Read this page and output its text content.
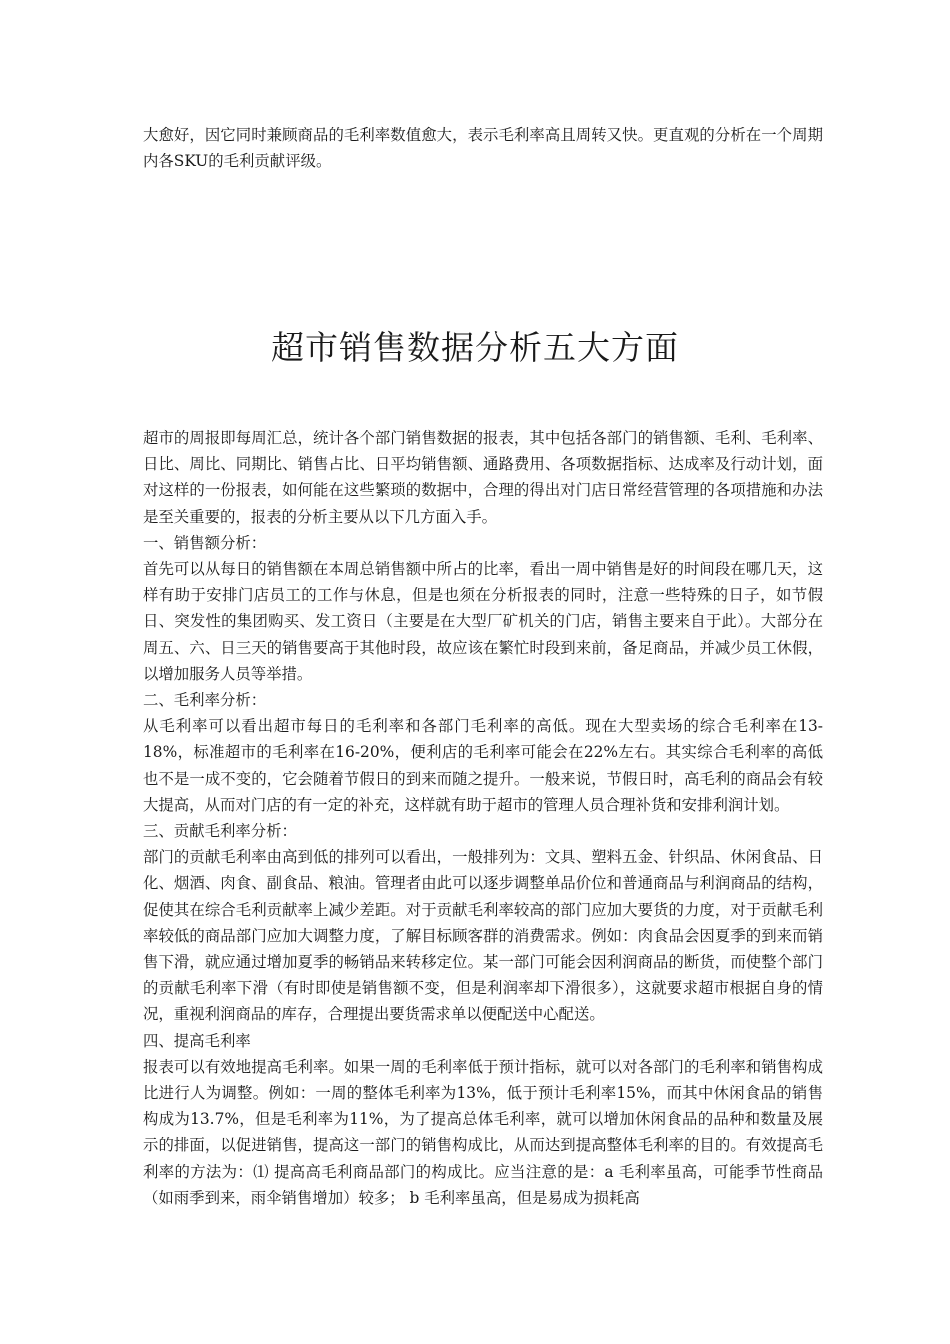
大愈好，因它同时兼顾商品的毛利率数值愈大，表示毛利率高且周转又快。更直观的分析在一个周期内各SKU的毛利贡献评级。

超市销售数据分析五大方面

超市的周报即每周汇总，统计各个部门销售数据的报表，其中包括各部门的销售额、毛利、毛利率、日比、周比、同期比、销售占比、日平均销售额、通路费用、各项数据指标、达成率及行动计划，面对这样的一份报表，如何能在这些繁琐的数据中，合理的得出对门店日常经营管理的各项措施和办法是至关重要的，报表的分析主要从以下几方面入手。

一、销售额分析：

首先可以从每日的销售额在本周总销售额中所占的比率，看出一周中销售是好的时间段在哪几天，这样有助于安排门店员工的工作与休息，但是也须在分析报表的同时，注意一些特殊的日子，如节假日、突发性的集团购买、发工资日（主要是在大型厂矿机关的门店，销售主要来自于此）。大部分在周五、六、日三天的销售要高于其他时段，故应该在繁忙时段到来前，备足商品，并减少员工休假，以增加服务人员等举措。

二、毛利率分析：

从毛利率可以看出超市每日的毛利率和各部门毛利率的高低。现在大型卖场的综合毛利率在13-18%，标准超市的毛利率在16-20%，便利店的毛利率可能会在22%左右。其实综合毛利率的高低也不是一成不变的，它会随着节假日的到来而随之提升。一般来说，节假日时，高毛利的商品会有较大提高，从而对门店的有一定的补充，这样就有助于超市的管理人员合理补货和安排利润计划。

三、贡献毛利率分析：

部门的贡献毛利率由高到低的排列可以看出，一般排列为：文具、塑料五金、针织品、休闲食品、日化、烟酒、肉食、副食品、粮油。管理者由此可以逐步调整单品价位和普通商品与利润商品的结构，促使其在综合毛利贡献率上减少差距。对于贡献毛利率较高的部门应加大要货的力度，对于贡献毛利率较低的商品部门应加大调整力度，了解目标顾客群的消费需求。例如：肉食品会因夏季的到来而销售下滑，就应通过增加夏季的畅销品来转移定位。某一部门可能会因利润商品的断货，而使整个部门的贡献毛利率下滑（有时即使是销售额不变，但是利润率却下滑很多），这就要求超市根据自身的情况，重视利润商品的库存，合理提出要货需求单以便配送中心配送。

四、提高毛利率

报表可以有效地提高毛利率。如果一周的毛利率低于预计指标，就可以对各部门的毛利率和销售构成比进行人为调整。例如：一周的整体毛利率为13%，低于预计毛利率15%，而其中休闲食品的销售构成为13.7%，但是毛利率为11%，为了提高总体毛利率，就可以增加休闲食品的品种和数量及展示的排面，以促进销售，提高这一部门的销售构成比，从而达到提高整体毛利率的目的。有效提高毛利率的方法为：⑴ 提高高毛利商品部门的构成比。应当注意的是：a 毛利率虽高，可能季节性商品（如雨季到来，雨伞销售增加）较多； b 毛利率虽高，但是易成为损耗高
